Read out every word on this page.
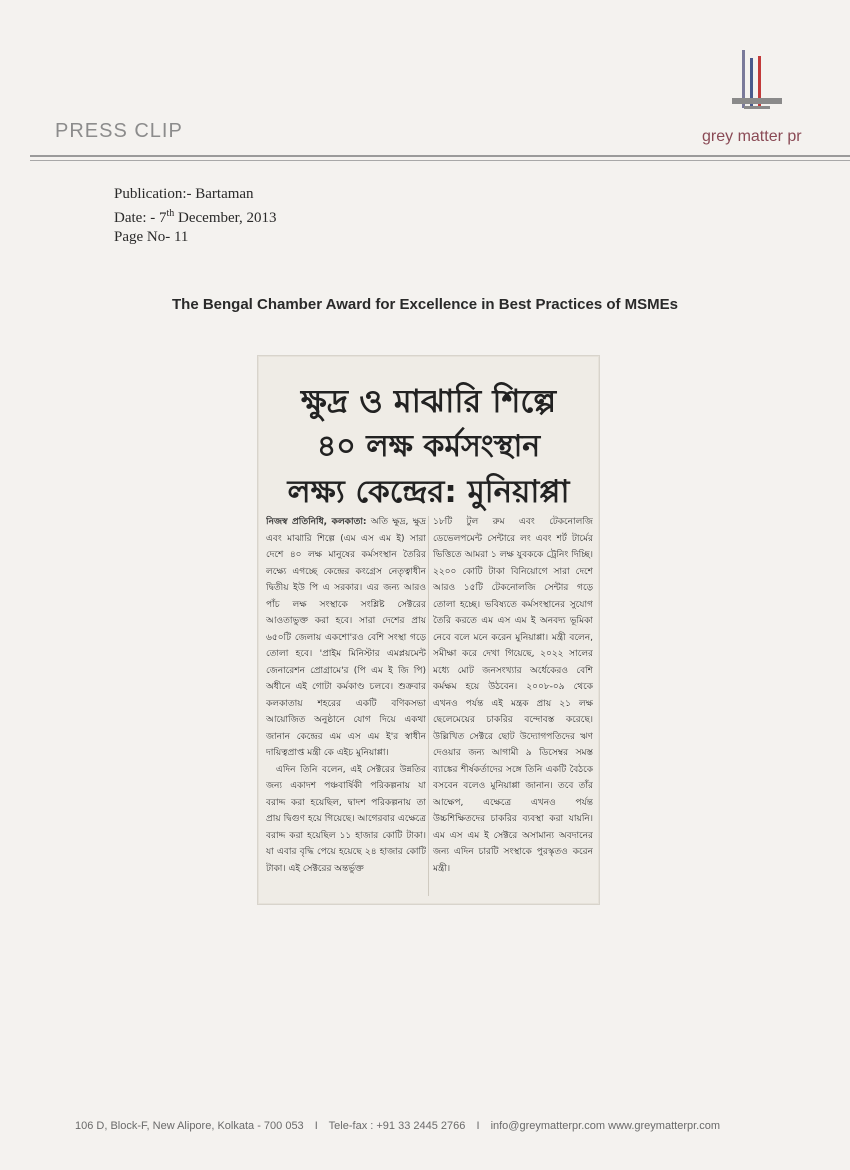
PRESS CLIP	grey matter pr
Publication:- Bartaman
Date: - 7th December, 2013
Page No- 11
The Bengal Chamber Award for Excellence in Best Practices of MSMEs
ক্ষুদ্র ও মাঝারি শিল্পে
৪০ লক্ষ কর্মসংস্থান
লক্ষ্য কেন্দ্রের: মুনিয়াপ্পা

নিজস্ব প্রতিনিধি, কলকাতা: অতি ক্ষুদ্র, ক্ষুদ্র এবং মাঝারি শিল্পে (এম এস এম ই) সারা দেশে ৪০ লক্ষ মানুষের কর্মসংস্থান তৈরির লক্ষ্যে এগচ্ছে কেন্দ্রের কংগ্রেস নেতৃত্বাধীন দ্বিতীয় ইউ পি এ সরকার। এর জন্য আরও পাঁচ লক্ষ সংস্থাকে সংশ্লিষ্ট সেক্টরের আওতাভুক্ত করা হবে। সারা দেশের প্রায় ৬৫০টি জেলায় একশো'রও বেশি সংস্থা গড়ে তোলা হবে। 'প্রাইম মিনিস্টার এমপ্লয়মেন্ট জেনারেশন প্রোগ্রামে'র (পি এম ই জি পি) অধীনে এই গোটা কর্মকাণ্ড চলবে। শুক্রবার কলকাতায় শহরের একটি বণিকসভা আয়োজিত অনুষ্ঠানে যোগ দিয়ে একথা জানান কেন্দ্রের এম এস এম ই'র স্বাধীন দায়িত্বপ্রাপ্ত মন্ত্রী কে এইচ মুনিয়াপ্পা।

এদিন তিনি বলেন, এই সেক্টরের উন্নতির জন্য একাদশ পঞ্চবার্ষিকী পরিকল্পনায় যা বরাদ্দ করা হয়েছিল, দ্বাদশ পরিকল্পনায় তা প্রায় দ্বিগুণ হয়ে গিয়েছে। আগেরবার এক্ষেত্রে বরাদ্দ করা হয়েছিল ১১ হাজার কোটি টাকা। যা এবার বৃদ্ধি পেয়ে হয়েছে ২৪ হাজার কোটি টাকা। এই সেক্টরের অন্তর্ভুক্ত

১৮টি টুল রুম এবং টেকনোলজি ডেভেলপমেন্ট সেন্টারে লং এবং শর্ট টার্মের ভিত্তিতে আমরা ১ লক্ষ যুবককে ট্রেনিং দিচ্ছি। ২২০০ কোটি টাকা বিনিয়োগে সারা দেশে আরও ১৫টি টেকনোলজি সেন্টার গড়ে তোলা হচ্ছে। ভবিষ্যতে কর্মসংস্থানের সুযোগ তৈরি করতে এম এস এম ই অনবদ্য ভূমিকা নেবে বলে মনে করেন মুনিয়াপ্পা। মন্ত্রী বলেন, সমীক্ষা করে দেখা গিয়েছে, ২০২২ সালের মধ্যে মোট জনসংখ্যার অর্ধেকেরও বেশি কর্মক্ষম হয়ে উঠবেন। ২০০৮-০৯ থেকে এখনও পর্যন্ত এই মন্ত্রক প্রায় ২১ লক্ষ ছেলেমেয়ের চাকরির বন্দোবস্ত করেছে। উল্লিখিত সেক্টরে ছোট উদ্যোগপতিদের ঋণ দেওয়ার জন্য আগামী ৯ ডিসেম্বর সমস্ত ব্যাঙ্কের শীর্ষকর্তাদের সঙ্গে তিনি একটি বৈঠকে বসবেন বলেও মুনিয়াপ্পা জানান। তবে তাঁর আক্ষেপ, এক্ষেত্রে এখনও পর্যন্ত উচ্চশিক্ষিতদের চাকরির ব্যবস্থা করা যায়নি। এম এস এম ই সেক্টরে অসামান্য অবদানের জন্য এদিন চারটি সংস্থাকে পুরস্কৃতও করেন মন্ত্রী।

106 D, Block-F, New Alipore, Kolkata - 700 053 I Tele-fax : +91 33 2445 2766 I info@greymatterpr.com www.greymatterpr.com
